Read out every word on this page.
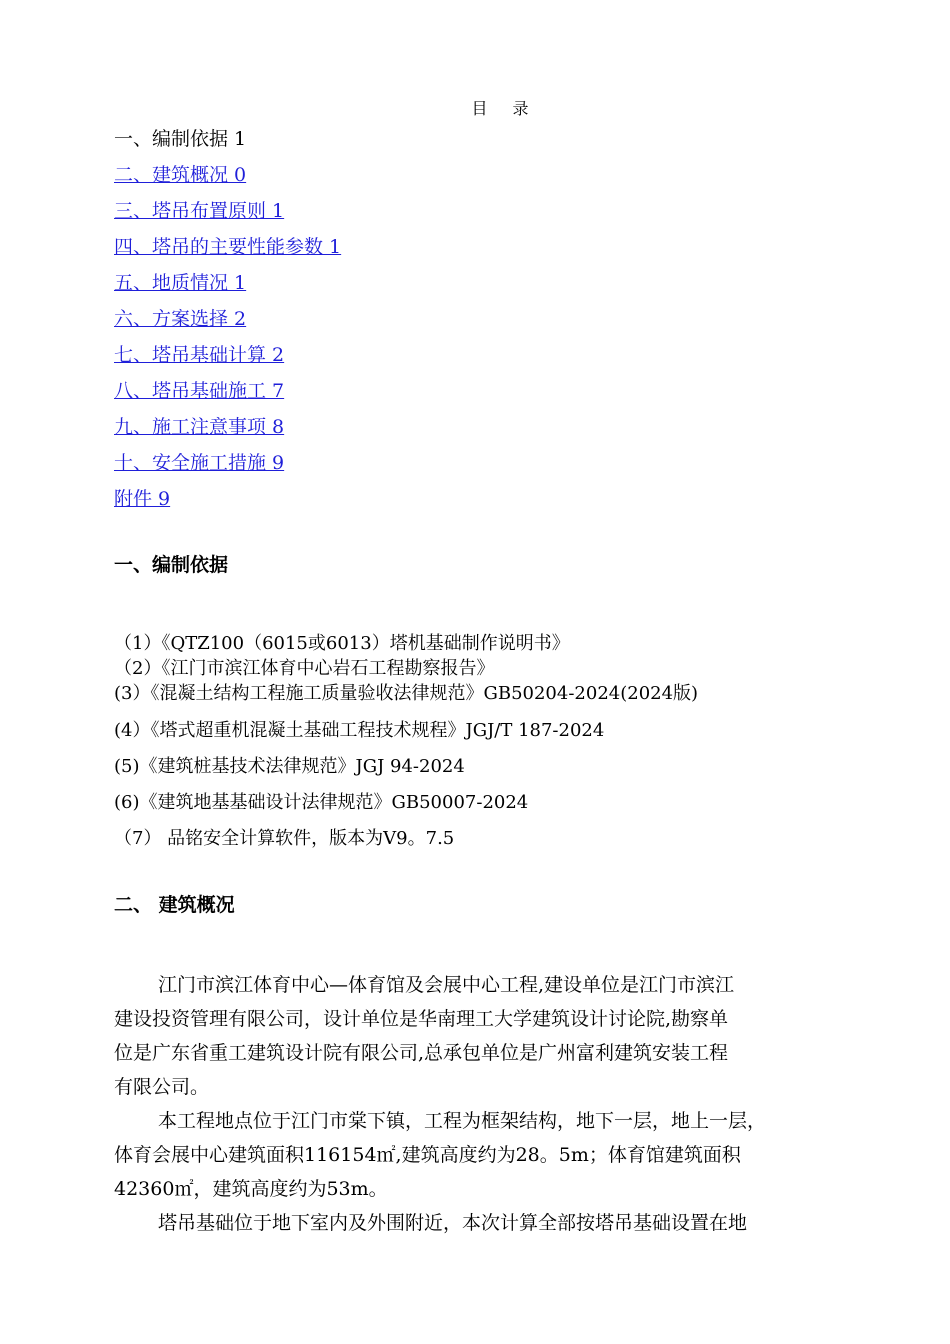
目 录
一、编制依据 1
二、建筑概况 0
三、塔吊布置原则 1
四、塔吊的主要性能参数 1
五、地质情况 1
六、方案选择 2
七、塔吊基础计算 2
八、塔吊基础施工 7
九、施工注意事项 8
十、安全施工措施 9
附件 9
一、编制依据
（1）《QTZ100（6015或6013）塔机基础制作说明书》
（2）《江门市滨江体育中心岩石工程勘察报告》
(3）《混凝土结构工程施工质量验收法律规范》GB50204-2024(2024版)
(4）《塔式超重机混凝土基础工程技术规程》JGJ/T 187-2024
(5)《建筑桩基技术法律规范》JGJ 94-2024
(6)《建筑地基基础设计法律规范》GB50007-2024
（7） 品铭安全计算软件，版本为V9。7.5
二、 建筑概况
江门市滨江体育中心—体育馆及会展中心工程,建设单位是江门市滨江
建设投资管理有限公司，设计单位是华南理工大学建筑设计讨论院,勘察单
位是广东省重工建筑设计院有限公司,总承包单位是广州富利建筑安装工程
有限公司。
本工程地点位于江门市棠下镇，工程为框架结构，地下一层，地上一层，
体育会展中心建筑面积116154㎡,建筑高度约为28。5m；体育馆建筑面积
42360㎡，建筑高度约为53m。
塔吊基础位于地下室内及外围附近，本次计算全部按塔吊基础设置在地
